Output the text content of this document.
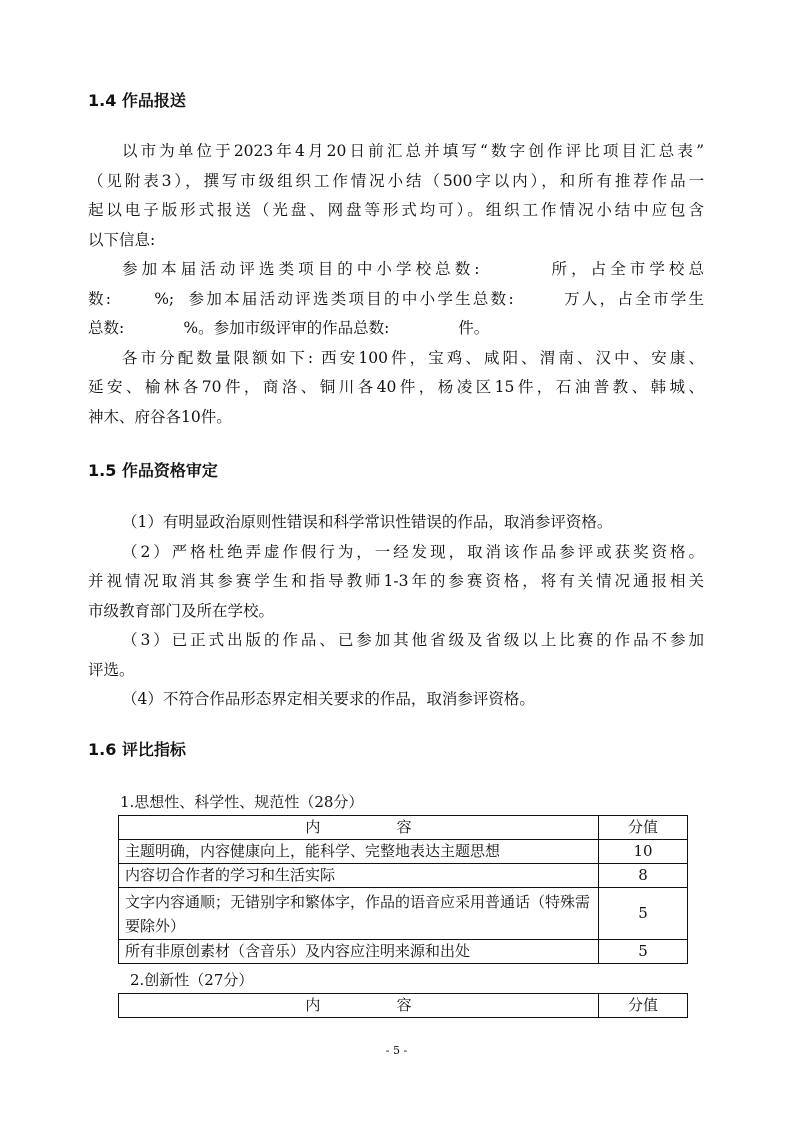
1.4 作品报送
以市为单位于2023年4月20日前汇总并填写“数字创作评比项目汇总表”
（见附表3），撰写市级组织工作情况小结（500字以内），和所有推荐作品一
起以电子版形式报送（光盘、网盘等形式均可）。组织工作情况小结中应包含
以下信息:
参加本届活动评选类项目的中小学校总数:        所，占全市学校总
数:      %;  参加本届活动评选类项目的中小学生总数:       万人，占全市学生
总数:            %。参加市级评审的作品总数:              件。
各市分配数量限额如下: 西安100件，宝鸡、咸阳、渭南、汉中、安康、
延安、榆林各70件，商洛、铜川各40件，杨凌区15件，石油普教、韩城、
神木、府谷各10件。
1.5 作品资格审定
（1）有明显政治原则性错误和科学常识性错误的作品，取消参评资格。
（2）严格杜绝弄虚作假行为，一经发现，取消该作品参评或获奖资格。
并视情况取消其参赛学生和指导教师1-3年的参赛资格，将有关情况通报相关
市级教育部门及所在学校。
（3）已正式出版的作品、已参加其他省级及省级以上比赛的作品不参加
评选。
（4）不符合作品形态界定相关要求的作品，取消参评资格。
1.6 评比指标
1.思想性、科学性、规范性（28分）
内                容	分值
主题明确，内容健康向上，能科学、完整地表达主题思想	10
内容切合作者的学习和生活实际	8
文字内容通顺；无错别字和繁体字，作品的语音应采用普通话（特殊需要除外）	5
所有非原创素材（含音乐）及内容应注明来源和出处	5
2.创新性（27分）
内                容	分值
- 5 -
